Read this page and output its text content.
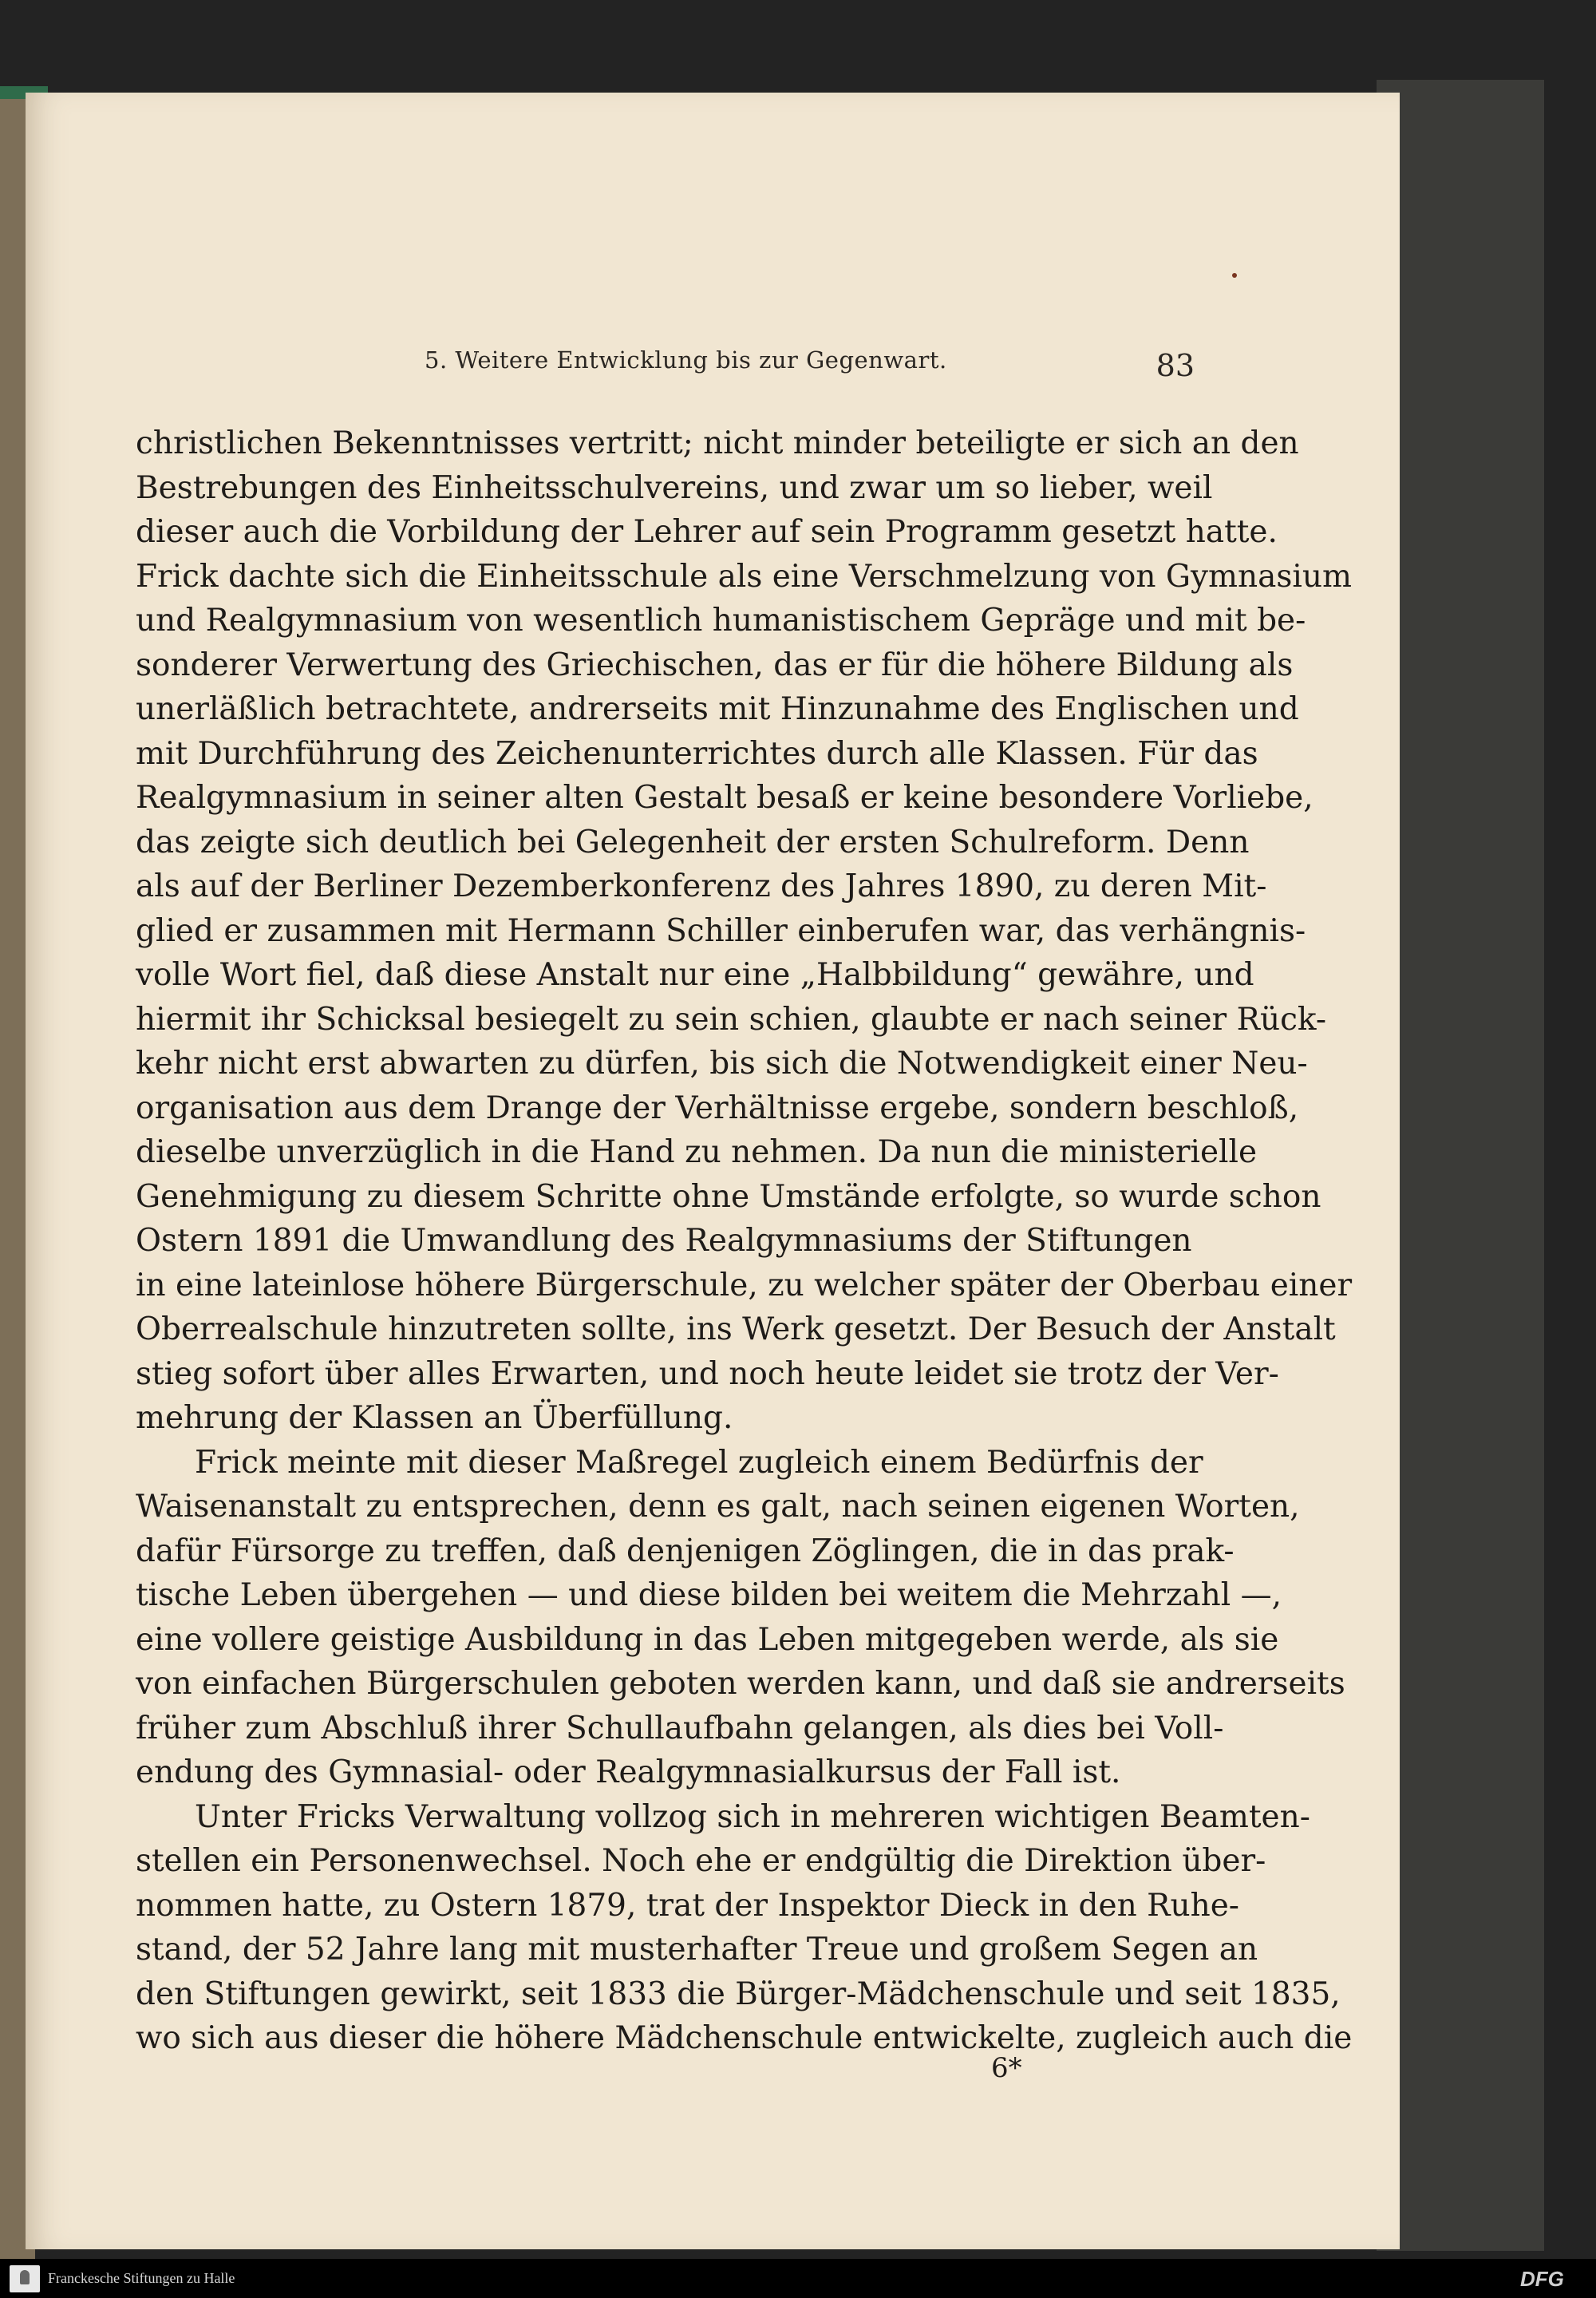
5. Weitere Entwicklung bis zur Gegenwart.	83
christlichen Bekenntnisses vertritt; nicht minder beteiligte er sich an den
Bestrebungen des Einheitsschulvereins, und zwar um so lieber, weil
dieser auch die Vorbildung der Lehrer auf sein Programm gesetzt hatte.
Frick dachte sich die Einheitsschule als eine Verschmelzung von Gymnasium
und Realgymnasium von wesentlich humanistischem Gepräge und mit be-
sonderer Verwertung des Griechischen, das er für die höhere Bildung als
unerläßlich betrachtete, andrerseits mit Hinzunahme des Englischen und
mit Durchführung des Zeichenunterrichtes durch alle Klassen. Für das
Realgymnasium in seiner alten Gestalt besaß er keine besondere Vorliebe,
das zeigte sich deutlich bei Gelegenheit der ersten Schulreform. Denn
als auf der Berliner Dezemberkonferenz des Jahres 1890, zu deren Mit-
glied er zusammen mit Hermann Schiller einberufen war, das verhängnis-
volle Wort fiel, daß diese Anstalt nur eine „Halbbildung“ gewähre, und
hiermit ihr Schicksal besiegelt zu sein schien, glaubte er nach seiner Rück-
kehr nicht erst abwarten zu dürfen, bis sich die Notwendigkeit einer Neu-
organisation aus dem Drange der Verhältnisse ergebe, sondern beschloß,
dieselbe unverzüglich in die Hand zu nehmen. Da nun die ministerielle
Genehmigung zu diesem Schritte ohne Umstände erfolgte, so wurde schon
Ostern 1891 die Umwandlung des Realgymnasiums der Stiftungen
in eine lateinlose höhere Bürgerschule, zu welcher später der Oberbau einer
Oberrealschule hinzutreten sollte, ins Werk gesetzt. Der Besuch der Anstalt
stieg sofort über alles Erwarten, und noch heute leidet sie trotz der Ver-
mehrung der Klassen an Überfüllung.
Frick meinte mit dieser Maßregel zugleich einem Bedürfnis der
Waisenanstalt zu entsprechen, denn es galt, nach seinen eigenen Worten,
dafür Fürsorge zu treffen, daß denjenigen Zöglingen, die in das prak-
tische Leben übergehen — und diese bilden bei weitem die Mehrzahl —,
eine vollere geistige Ausbildung in das Leben mitgegeben werde, als sie
von einfachen Bürgerschulen geboten werden kann, und daß sie andrerseits
früher zum Abschluß ihrer Schullaufbahn gelangen, als dies bei Voll-
endung des Gymnasial- oder Realgymnasialkursus der Fall ist.
Unter Fricks Verwaltung vollzog sich in mehreren wichtigen Beamten-
stellen ein Personenwechsel. Noch ehe er endgültig die Direktion über-
nommen hatte, zu Ostern 1879, trat der Inspektor Dieck in den Ruhe-
stand, der 52 Jahre lang mit musterhafter Treue und großem Segen an
den Stiftungen gewirkt, seit 1833 die Bürger-Mädchenschule und seit 1835,
wo sich aus dieser die höhere Mädchenschule entwickelte, zugleich auch die
6*
Franckesche Stiftungen zu Halle	DFG
